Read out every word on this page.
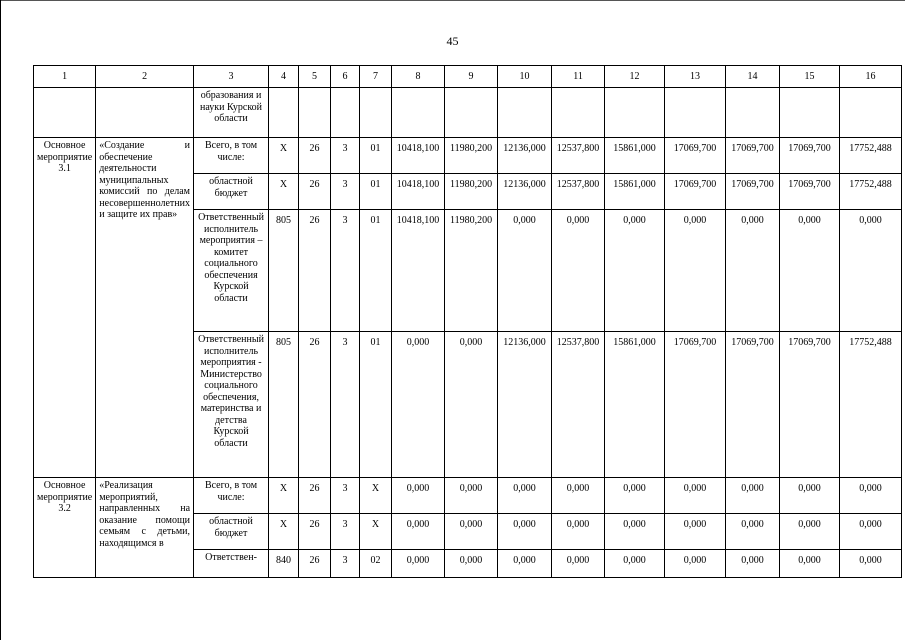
45
1	2	3	4	5	6	7	8	9	10	11	12	13	14	15	16
		образования и науки Курской области													
Основное мероприятие 3.1	«Создание и обеспечение деятельности муниципальных комиссий по делам несовершеннолетних и защите их прав»	Всего, в том числе:	X	26	3	01	10418,100	11980,200	12136,000	12537,800	15861,000	17069,700	17069,700	17069,700	17752,488
		областной бюджет	X	26	3	01	10418,100	11980,200	12136,000	12537,800	15861,000	17069,700	17069,700	17069,700	17752,488
		Ответственный исполнитель мероприятия – комитет социального обеспечения Курской области	805	26	3	01	10418,100	11980,200	0,000	0,000	0,000	0,000	0,000	0,000	0,000
		Ответственный исполнитель мероприятия - Министерство социального обеспечения, материнства и детства Курской области	805	26	3	01	0,000	0,000	12136,000	12537,800	15861,000	17069,700	17069,700	17069,700	17752,488
Основное мероприятие 3.2	«Реализация мероприятий, направленных на оказание помощи семьям с детьми, находящимся в	Всего, в том числе:	X	26	3	X	0,000	0,000	0,000	0,000	0,000	0,000	0,000	0,000	0,000
		областной бюджет	X	26	3	X	0,000	0,000	0,000	0,000	0,000	0,000	0,000	0,000	0,000
		Ответствен-	840	26	3	02	0,000	0,000	0,000	0,000	0,000	0,000	0,000	0,000	0,000
